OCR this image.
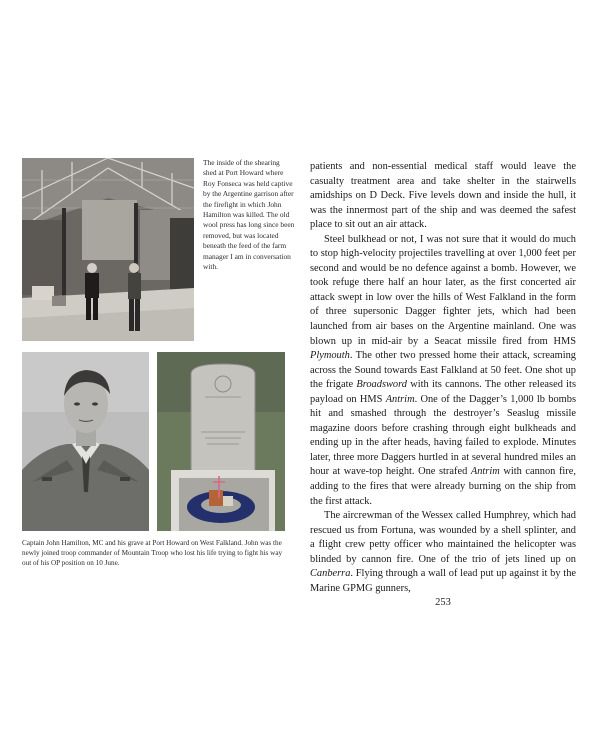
The inside of the shearing shed at Port Howard where Roy Fonseca was held captive by the Argentine garrison after the firefight in which John Hamilton was killed. The old wool press has long since been removed, but was located beneath the feed of the farm manager I am in conversation with.
Captain John Hamilton, MC and his grave at Port Howard on West Falkland. John was the newly joined troop commander of Mountain Troop who lost his life trying to fight his way out of his OP position on 10 June.

patients and non-essential medical staff would leave the casualty treatment area and take shelter in the stairwells amidships on D Deck. Five levels down and inside the hull, it was the innermost part of the ship and was deemed the safest place to sit out an air attack.

Steel bulkhead or not, I was not sure that it would do much to stop high-velocity projectiles travelling at over 1,000 feet per second and would be no defence against a bomb. However, we took refuge there half an hour later, as the first concerted air attack swept in low over the hills of West Falkland in the form of three supersonic Dagger fighter jets, which had been launched from air bases on the Argentine mainland. One was blown up in mid-air by a Seacat missile fired from HMS Plymouth. The other two pressed home their attack, screaming across the Sound towards East Falkland at 50 feet. One shot up the frigate Broadsword with its cannons. The other released its payload on HMS Antrim. One of the Dagger’s 1,000 lb bombs hit and smashed through the destroyer’s Seaslug missile magazine doors before crashing through eight bulkheads and ending up in the after heads, having failed to explode. Minutes later, three more Daggers hurtled in at several hundred miles an hour at wave-top height. One strafed Antrim with cannon fire, adding to the fires that were already burning on the ship from the first attack.

The aircrewman of the Wessex called Humphrey, which had rescued us from Fortuna, was wounded by a shell splinter, and a flight crew petty officer who maintained the helicopter was blinded by cannon fire. One of the trio of jets lined up on Canberra. Flying through a wall of lead put up against it by the Marine GPMG gunners,

253
